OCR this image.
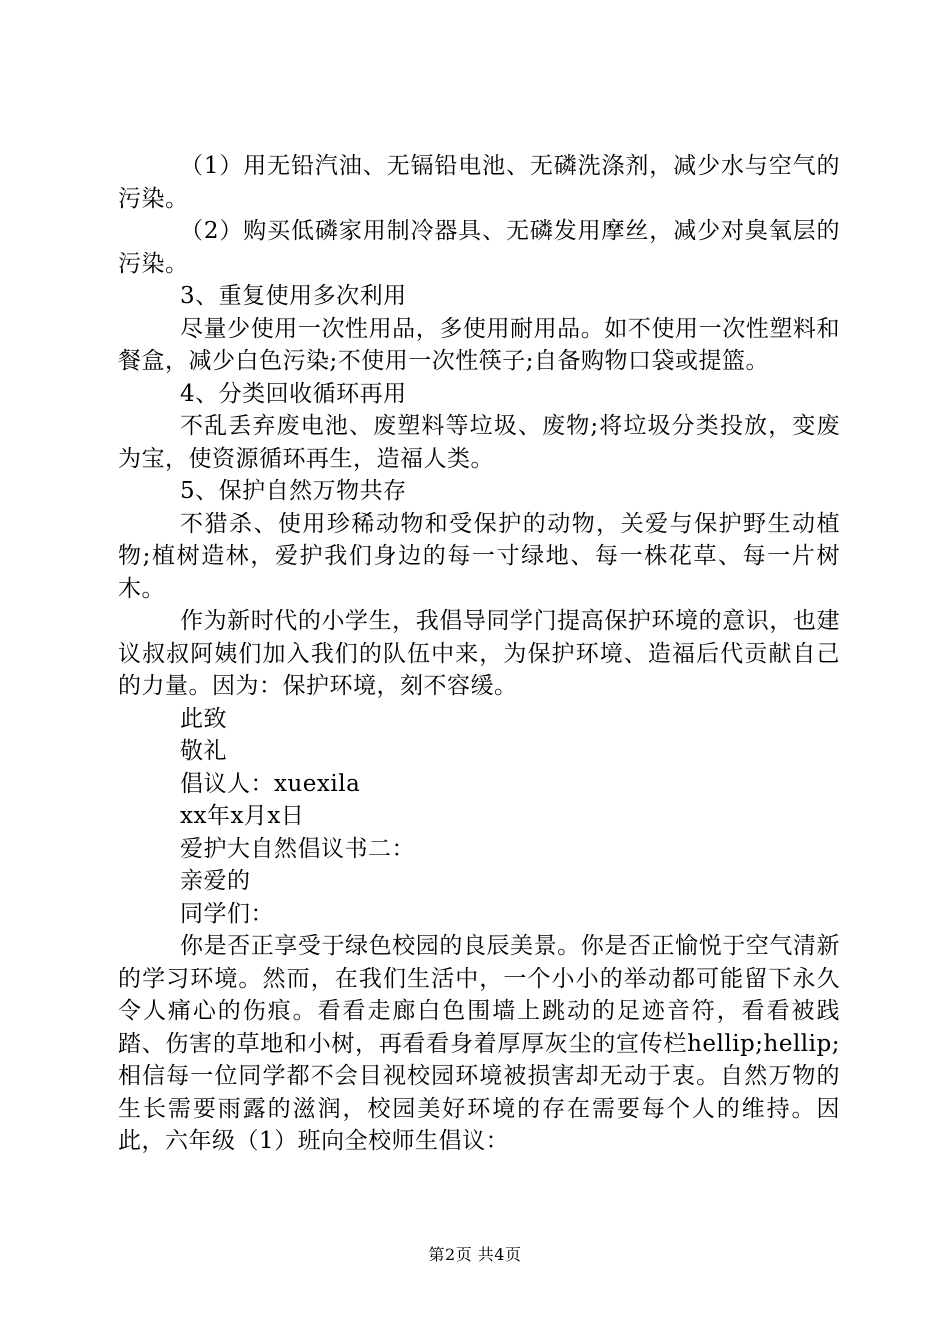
（1）用无铅汽油、无镉铅电池、无磷洗涤剂，减少水与空气的污染。

（2）购买低磷家用制冷器具、无磷发用摩丝，减少对臭氧层的污染。

3、重复使用多次利用

尽量少使用一次性用品，多使用耐用品。如不使用一次性塑料和餐盒，减少白色污染;不使用一次性筷子;自备购物口袋或提篮。

4、分类回收循环再用

不乱丢弃废电池、废塑料等垃圾、废物;将垃圾分类投放，变废为宝，使资源循环再生，造福人类。

5、保护自然万物共存

不猎杀、使用珍稀动物和受保护的动物，关爱与保护野生动植物;植树造林，爱护我们身边的每一寸绿地、每一株花草、每一片树木。

作为新时代的小学生，我倡导同学门提高保护环境的意识，也建议叔叔阿姨们加入我们的队伍中来，为保护环境、造福后代贡献自己的力量。因为：保护环境，刻不容缓。

此致

敬礼

倡议人：xuexila

xx年x月x日

爱护大自然倡议书二：

亲爱的

同学们：

你是否正享受于绿色校园的良辰美景。你是否正愉悦于空气清新的学习环境。然而，在我们生活中，一个小小的举动都可能留下永久令人痛心的伤痕。看看走廊白色围墙上跳动的足迹音符，看看被践踏、伤害的草地和小树，再看看身着厚厚灰尘的宣传栏hellip;hellip;相信每一位同学都不会目视校园环境被损害却无动于衷。自然万物的生长需要雨露的滋润，校园美好环境的存在需要每个人的维持。因此，六年级（1）班向全校师生倡议：

第2页 共4页
